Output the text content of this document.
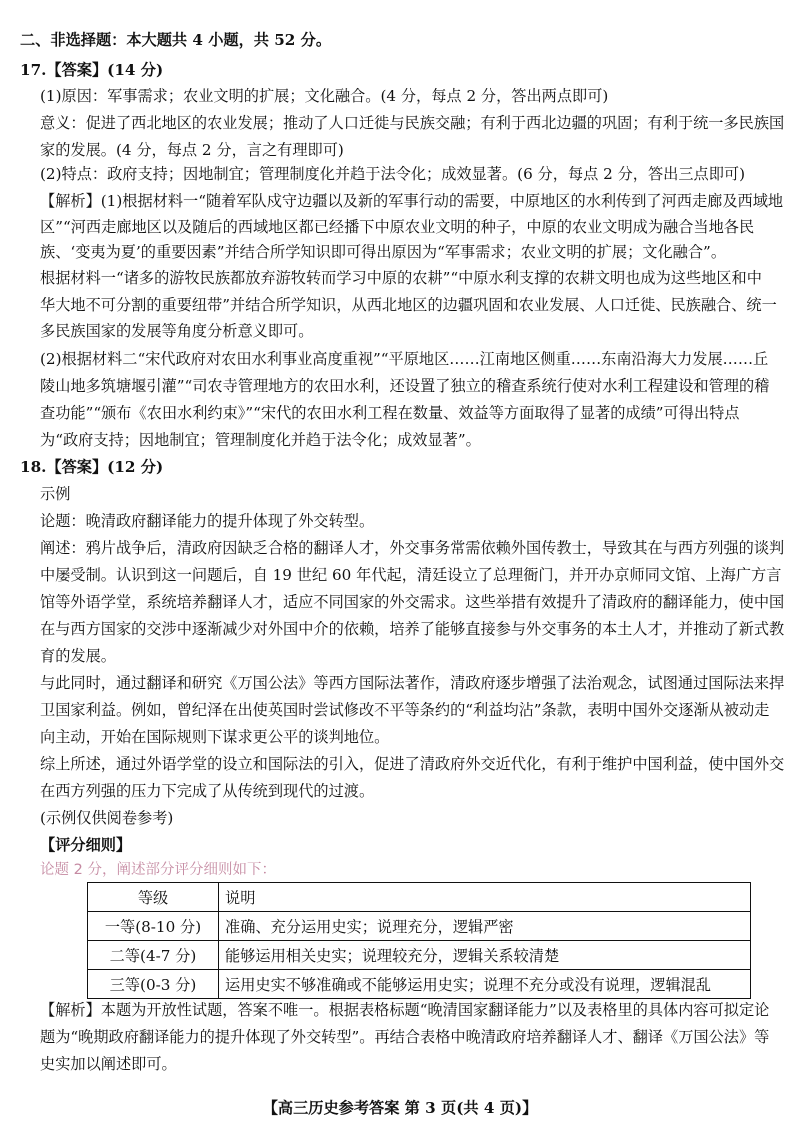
二、非选择题：本大题共 4 小题，共 52 分。
17.【答案】(14 分)
(1)原因：军事需求；农业文明的扩展；文化融合。(4 分，每点 2 分，答出两点即可)
意义：促进了西北地区的农业发展；推动了人口迁徙与民族交融；有利于西北边疆的巩固；有利于统一多民族国
家的发展。(4 分，每点 2 分，言之有理即可)
(2)特点：政府支持；因地制宜；管理制度化并趋于法令化；成效显著。(6 分，每点 2 分，答出三点即可)
【解析】(1)根据材料一“随着军队戍守边疆以及新的军事行动的需要，中原地区的水利传到了河西走廊及西域地
区”“河西走廊地区以及随后的西域地区都已经播下中原农业文明的种子，中原的农业文明成为融合当地各民
族、‘变夷为夏’的重要因素”并结合所学知识即可得出原因为“军事需求；农业文明的扩展；文化融合”。
根据材料一“诸多的游牧民族都放弃游牧转而学习中原的农耕”“中原水利支撑的农耕文明也成为这些地区和中
华大地不可分割的重要纽带”并结合所学知识，从西北地区的边疆巩固和农业发展、人口迁徙、民族融合、统一
多民族国家的发展等角度分析意义即可。
(2)根据材料二“宋代政府对农田水利事业高度重视”“平原地区……江南地区侧重……东南沿海大力发展……丘
陵山地多筑塘堰引灌”“司农寺管理地方的农田水利，还设置了独立的稽查系统行使对水利工程建设和管理的稽
查功能”“颁布《农田水利约束》”“宋代的农田水利工程在数量、效益等方面取得了显著的成绩”可得出特点
为“政府支持；因地制宜；管理制度化并趋于法令化；成效显著”。
18.【答案】(12 分)
示例
论题：晚清政府翻译能力的提升体现了外交转型。
阐述：鸦片战争后，清政府因缺乏合格的翻译人才，外交事务常需依赖外国传教士，导致其在与西方列强的谈判
中屡受制。认识到这一问题后，自 19 世纪 60 年代起，清廷设立了总理衙门，并开办京师同文馆、上海广方言
馆等外语学堂，系统培养翻译人才，适应不同国家的外交需求。这些举措有效提升了清政府的翻译能力，使中国
在与西方国家的交涉中逐渐减少对外国中介的依赖，培养了能够直接参与外交事务的本土人才，并推动了新式教
育的发展。
与此同时，通过翻译和研究《万国公法》等西方国际法著作，清政府逐步增强了法治观念，试图通过国际法来捍
卫国家利益。例如，曾纪泽在出使英国时尝试修改不平等条约的“利益均沾”条款，表明中国外交逐渐从被动走
向主动，开始在国际规则下谋求更公平的谈判地位。
综上所述，通过外语学堂的设立和国际法的引入，促进了清政府外交近代化，有利于维护中国利益，使中国外交
在西方列强的压力下完成了从传统到现代的过渡。
(示例仅供阅卷参考)
【评分细则】
论题 2 分，阐述部分评分细则如下：
等级	说明
一等(8-10 分)	准确、充分运用史实；说理充分，逻辑严密
二等(4-7 分)	能够运用相关史实；说理较充分，逻辑关系较清楚
三等(0-3 分)	运用史实不够准确或不能够运用史实；说理不充分或没有说理，逻辑混乱
【解析】本题为开放性试题，答案不唯一。根据表格标题“晚清国家翻译能力”以及表格里的具体内容可拟定论
题为“晚期政府翻译能力的提升体现了外交转型”。再结合表格中晚清政府培养翻译人才、翻译《万国公法》等
史实加以阐述即可。
【高三历史参考答案 第 3 页(共 4 页)】
